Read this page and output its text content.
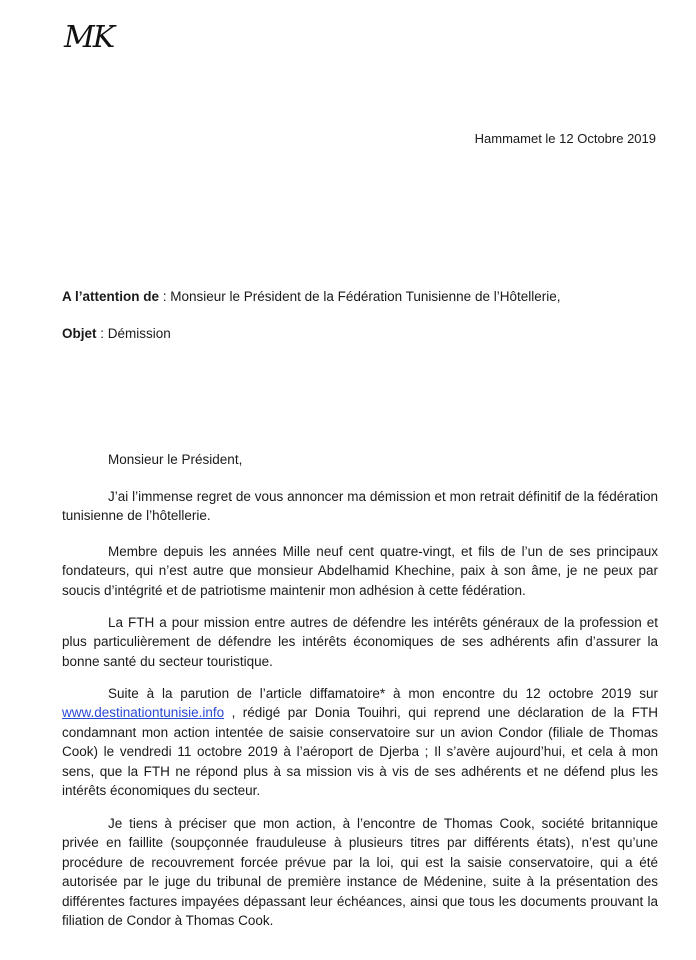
MK
Hammamet le 12 Octobre 2019
A l’attention de : Monsieur le Président de la Fédération Tunisienne de l’Hôtellerie,
Objet : Démission
Monsieur le Président,

J’ai l’immense regret de vous annoncer ma démission et mon retrait définitif de la fédération tunisienne de l’hôtellerie.

Membre depuis les années Mille neuf cent quatre-vingt, et fils de l’un de ses principaux fondateurs, qui n’est autre que monsieur Abdelhamid Khechine, paix à son âme, je ne peux par soucis d’intégrité et de patriotisme maintenir mon adhésion à cette fédération.

La FTH a pour mission entre autres de défendre les intérêts généraux de la profession et plus particulièrement de défendre les intérêts économiques de ses adhérents afin d’assurer la bonne santé du secteur touristique.

Suite à la parution de l’article diffamatoire* à mon encontre du 12 octobre 2019 sur www.destinationtunisie.info , rédigé par Donia Touihri, qui reprend une déclaration de la FTH condamnant mon action intentée de saisie conservatoire sur un avion Condor (filiale de Thomas Cook) le vendredi 11 octobre 2019 à l’aéroport de Djerba ; Il s’avère aujourd’hui, et cela à mon sens, que la FTH ne répond plus à sa mission vis à vis de ses adhérents et ne défend plus les intérêts économiques du secteur.

Je tiens à préciser que mon action, à l’encontre de Thomas Cook, société britannique privée en faillite (soupçonnée frauduleuse à plusieurs titres par différents états), n’est qu’une procédure de recouvrement forcée prévue par la loi, qui est la saisie conservatoire, qui a été autorisée par le juge du tribunal de première instance de Médenine, suite à la présentation des différentes factures impayées dépassant leur échéances, ainsi que tous les documents prouvant la filiation de Condor à Thomas Cook.
